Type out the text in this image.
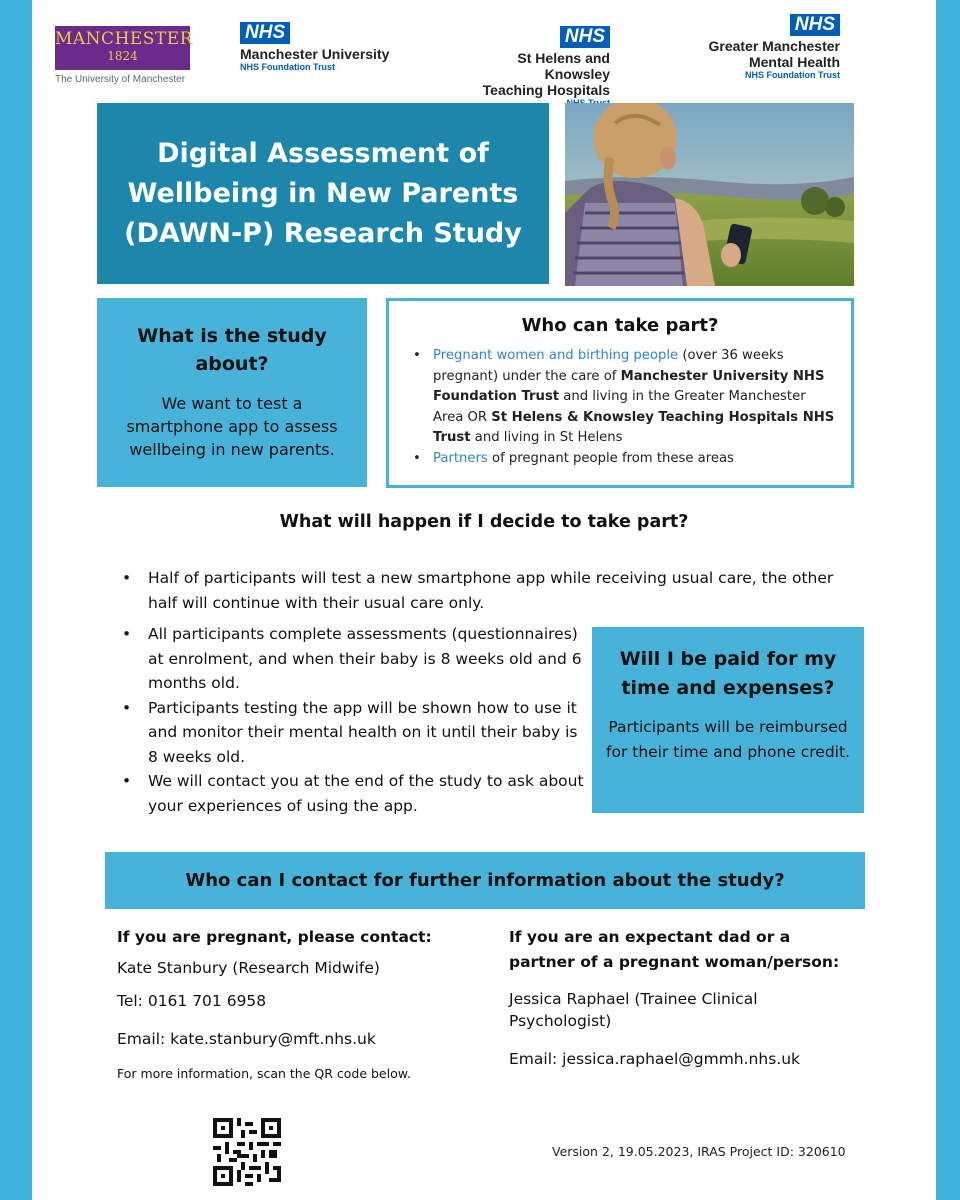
MANCHESTER
1824
The University of Manchester
NHS
Manchester University
NHS Foundation Trust
NHS
St Helens and Knowsley
Teaching Hospitals
NHS
Greater Manchester
Mental Health
NHS Foundation Trust
Digital Assessment of Wellbeing in New Parents (DAWN-P) Research Study
What is the study about?

We want to test a smartphone app to assess wellbeing in new parents.

Who can take part?
• Pregnant women and birthing people (over 36 weeks pregnant) under the care of Manchester University NHS Foundation Trust and living in the Greater Manchester Area OR St Helens & Knowsley Teaching Hospitals NHS Trust and living in St Helens
• Partners of pregnant people from these areas
What will happen if I decide to take part?
• Half of participants will test a new smartphone app while receiving usual care, the other half will continue with their usual care only.
• All participants complete assessments (questionnaires) at enrolment, and when their baby is 8 weeks old and 6 months old.
• Participants testing the app will be shown how to use it and monitor their mental health on it until their baby is 8 weeks old.
• We will contact you at the end of the study to ask about your experiences of using the app.
Will I be paid for my time and expenses?

Participants will be reimbursed for their time and phone credit.

Who can I contact for further information about the study?
If you are pregnant, please contact:
Kate Stanbury (Research Midwife)
Tel: 0161 701 6958
Email: kate.stanbury@mft.nhs.uk
For more information, scan the QR code below.
If you are an expectant dad or a partner of a pregnant woman/person:
Jessica Raphael (Trainee Clinical Psychologist)
Email: jessica.raphael@gmmh.nhs.uk
Version 2, 19.05.2023, IRAS Project ID: 320610
